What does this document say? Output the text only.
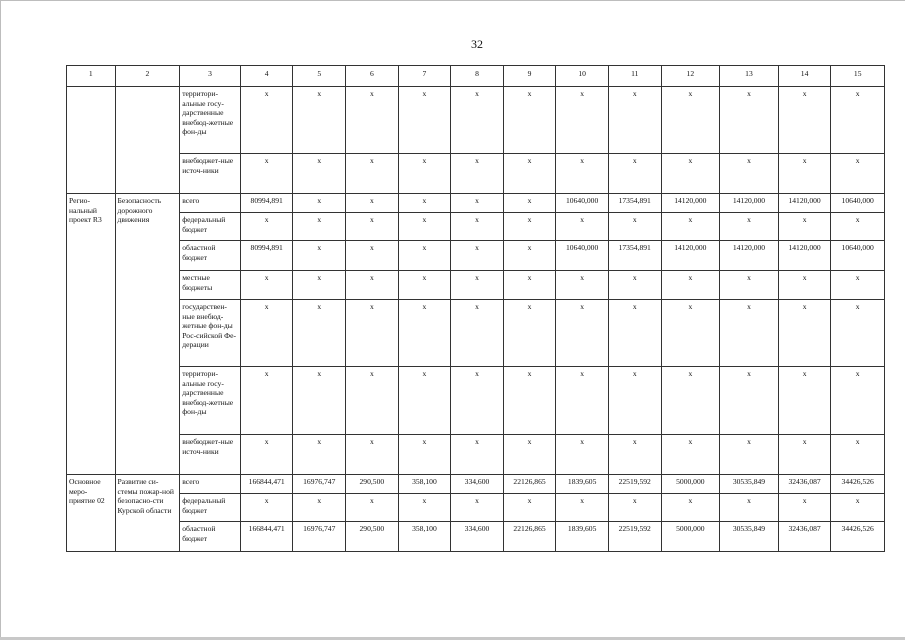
32
1	2	3	4	5	6	7	8	9	10	11	12	13	14	15
		территори-альные госу-дарственные внебюд-жетные фон-ды	x	x	x	x	x	x	x	x	x	x	x	x
		внебюджет-ные источ-ники	x	x	x	x	x	x	x	x	x	x	x	x
Регио-нальный проект R3	Безопасность дорожного движения	всего	80994,891	x	x	x	x	x	10640,000	17354,891	14120,000	14120,000	14120,000	10640,000
		федеральный бюджет	x	x	x	x	x	x	x	x	x	x	x	x
		областной бюджет	80994,891	x	x	x	x	x	10640,000	17354,891	14120,000	14120,000	14120,000	10640,000
		местные бюджеты	x	x	x	x	x	x	x	x	x	x	x	x
		государствен-ные внебюд-жетные фон-ды Рос-сийской Фе-дерации	x	x	x	x	x	x	x	x	x	x	x	x
		территори-альные госу-дарственные внебюд-жетные фон-ды	x	x	x	x	x	x	x	x	x	x	x	x
		внебюджет-ные источ-ники	x	x	x	x	x	x	x	x	x	x	x	x
Основное меро-приятие 02	Развитие си-стемы пожар-ной безопасно-сти Курской области	всего	166844,471	16976,747	290,500	358,100	334,600	22126,865	1839,605	22519,592	5000,000	30535,849	32436,087	34426,526
		федеральный бюджет	x	x	x	x	x	x	x	x	x	x	x	x
		областной бюджет	166844,471	16976,747	290,500	358,100	334,600	22126,865	1839,605	22519,592	5000,000	30535,849	32436,087	34426,526
